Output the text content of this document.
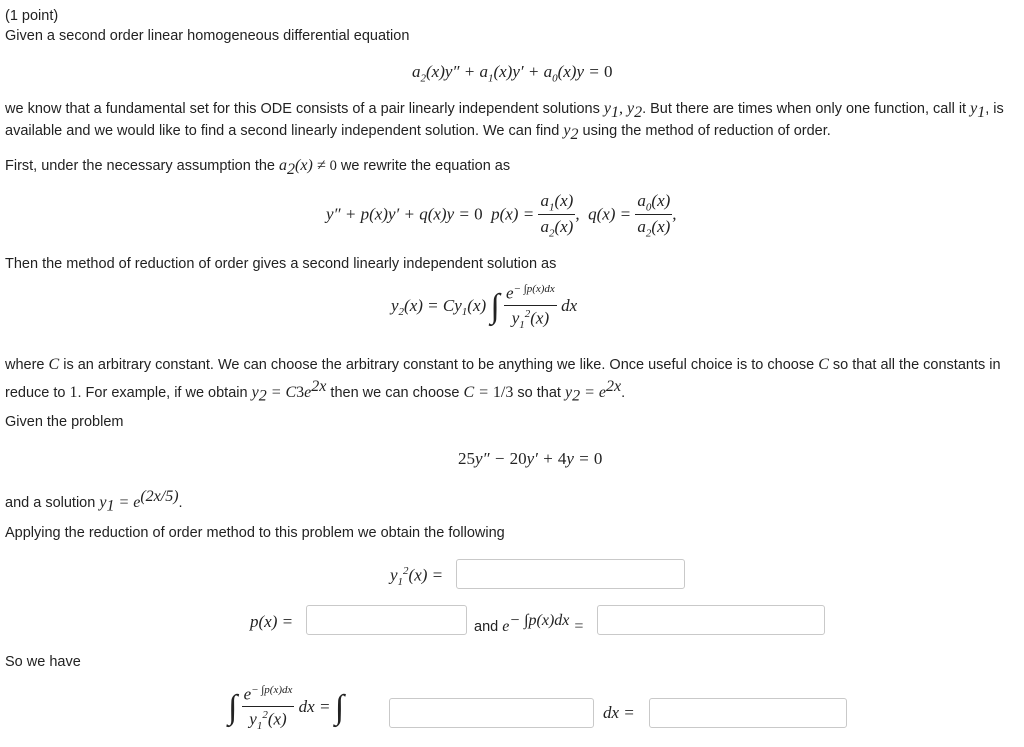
(1 point)
Given a second order linear homogeneous differential equation
$a_2(x)y'' + a_1(x)y' + a_0(x)y = 0$
we know that a fundamental set for this ODE consists of a pair linearly independent solutions $y_1$, $y_2$. But there are times when only one function, call it $y_1$, is
available and we would like to find a second linearly independent solution. We can find $y_2$ using the method of reduction of order.
First, under the necessary assumption the $a_2(x) \ne 0$ we rewrite the equation as
y″ + p(x)y′ + q(x)y = 0  $p(x) = \frac{a_1(x)}{a_2(x)}$ ,  $q(x) = \frac{a_0(x)}{a_2(x)}$ ,
Then the method of reduction of order gives a second linearly independent solution as
$y_2(x) = Cy_1(x)$ ∫ $\frac{e^{- \int p(x)dx}}{y_1^2(x)}$ dx
where C is an arbitrary constant. We can choose the arbitrary constant to be anything we like. Once useful choice is to choose C so that all the constants in
reduce to 1. For example, if we obtain $y_2 = C3e^{2x}$ then we can choose C = 1/3 so that $y_2 = e^{2x}$.
Given the problem
25y″ − 20y′ + 4y = 0
and a solution $y_1 = e^{(2x/5)}$.
Applying the reduction of order method to this problem we obtain the following
$y_1^2(x)$ =
p(x) =	and $e^{- \int p(x)dx}$ =
So we have
∫ $\frac{e^{- \int p(x)dx}}{y_1^2(x)}$ dx = ∫	dx =
